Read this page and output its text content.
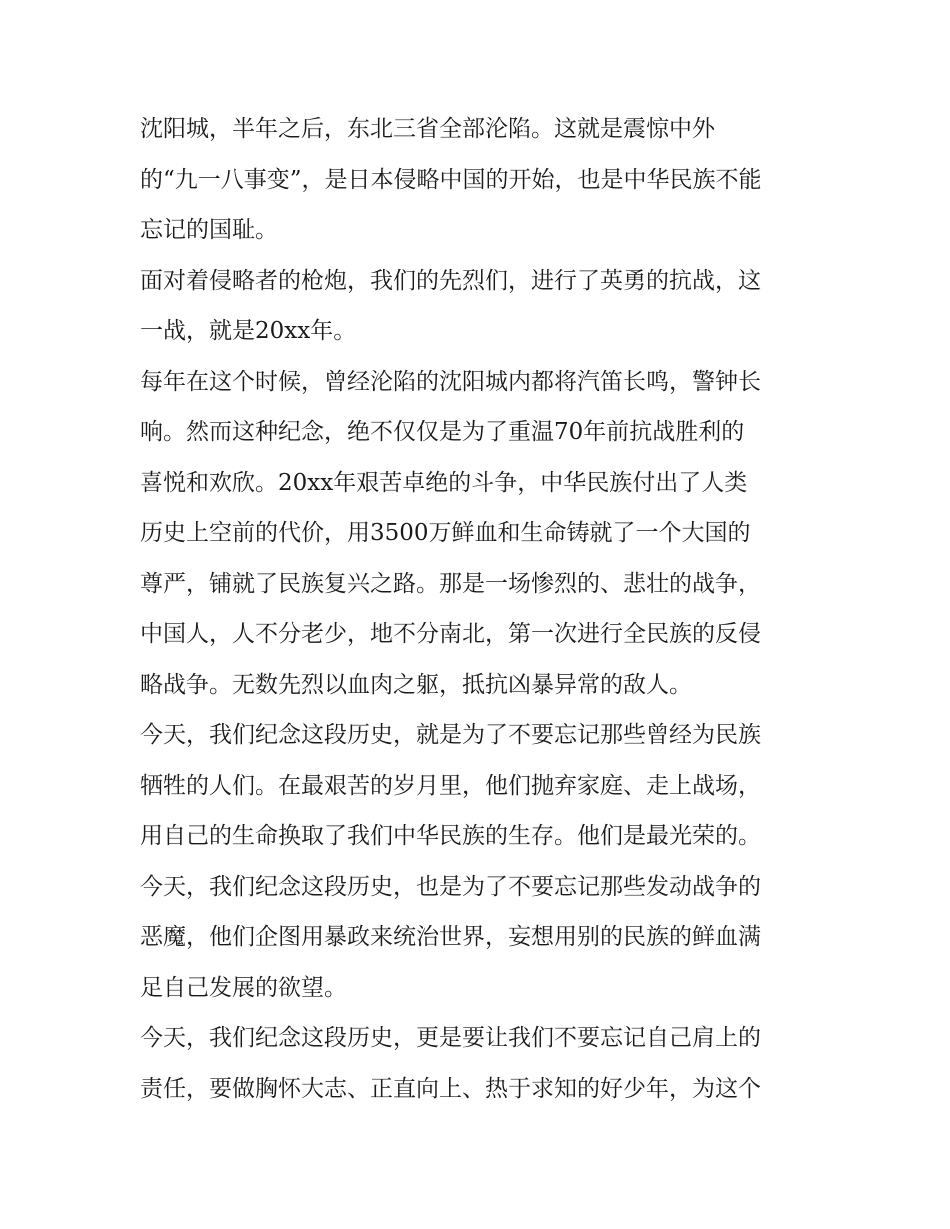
沈阳城，半年之后，东北三省全部沦陷。这就是震惊中外

的“九一八事变”，是日本侵略中国的开始，也是中华民族不能

忘记的国耻。

面对着侵略者的枪炮，我们的先烈们，进行了英勇的抗战，这

一战，就是20xx年。

每年在这个时候，曾经沦陷的沈阳城内都将汽笛长鸣，警钟长

响。然而这种纪念，绝不仅仅是为了重温70年前抗战胜利的

喜悦和欢欣。20xx年艰苦卓绝的斗争，中华民族付出了人类

历史上空前的代价，用3500万鲜血和生命铸就了一个大国的

尊严，铺就了民族复兴之路。那是一场惨烈的、悲壮的战争，

中国人，人不分老少，地不分南北，第一次进行全民族的反侵

略战争。无数先烈以血肉之躯，抵抗凶暴异常的敌人。

今天，我们纪念这段历史，就是为了不要忘记那些曾经为民族

牺牲的人们。在最艰苦的岁月里，他们抛弃家庭、走上战场，

用自己的生命换取了我们中华民族的生存。他们是最光荣的。

今天，我们纪念这段历史，也是为了不要忘记那些发动战争的

恶魔，他们企图用暴政来统治世界，妄想用别的民族的鲜血满

足自己发展的欲望。

今天，我们纪念这段历史，更是要让我们不要忘记自己肩上的

责任，要做胸怀大志、正直向上、热于求知的好少年，为这个
